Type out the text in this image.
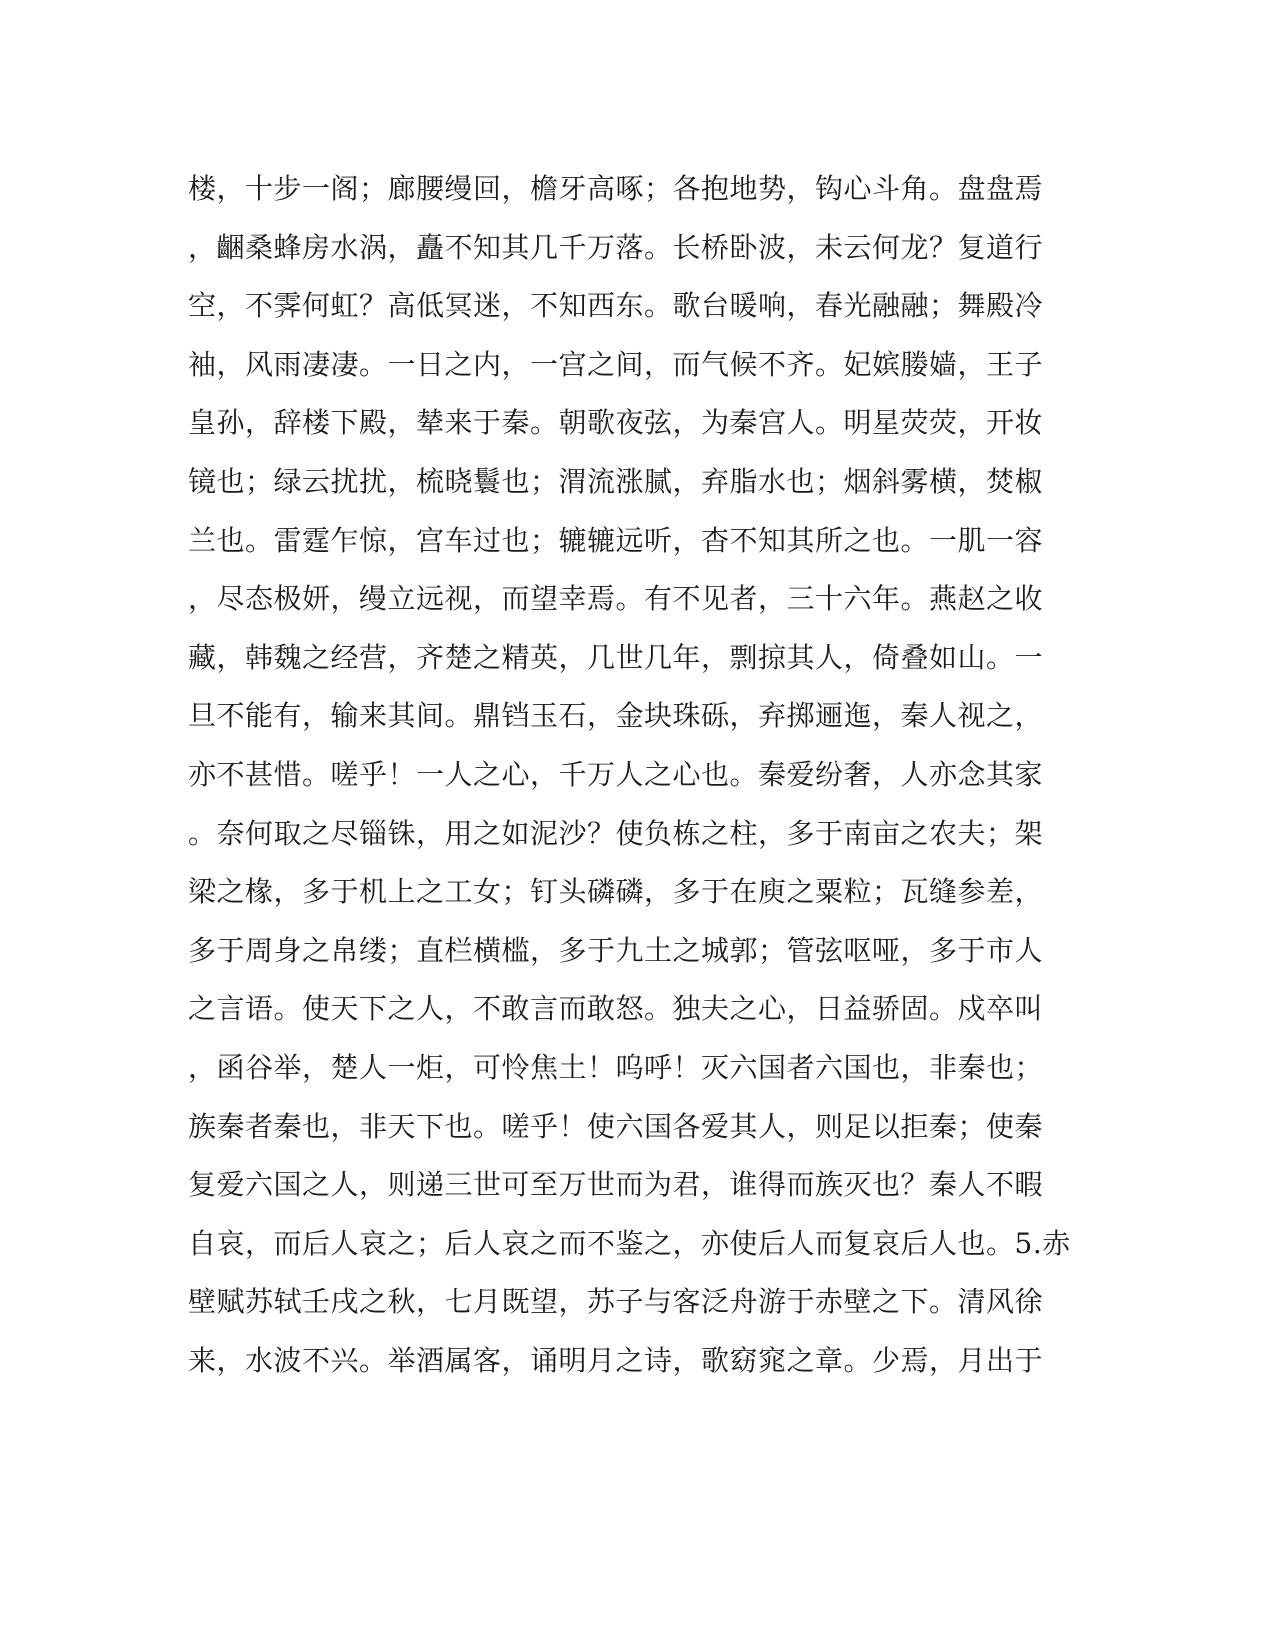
楼，十步一阁；廊腰缦回，檐牙高啄；各抱地势，钩心斗角。盘盘焉
，齫桑蜂房水涡，矗不知其几千万落。长桥卧波，未云何龙？复道行
空，不霁何虹？高低冥迷，不知西东。歌台暖响，春光融融；舞殿冷
袖，风雨凄凄。一日之内，一宫之间，而气候不齐。妃嫔媵嫱，王子
皇孙，辞楼下殿，辇来于秦。朝歌夜弦，为秦宫人。明星荧荧，开妆
镜也；绿云扰扰，梳晓鬟也；渭流涨腻，弃脂水也；烟斜雾横，焚椒
兰也。雷霆乍惊，宫车过也；辘辘远听，杳不知其所之也。一肌一容
，尽态极妍，缦立远视，而望幸焉。有不见者，三十六年。燕赵之收
藏，韩魏之经营，齐楚之精英，几世几年，剽掠其人，倚叠如山。一
旦不能有，输来其间。鼎铛玉石，金块珠砾，弃掷逦迤，秦人视之，
亦不甚惜。嗟乎！一人之心，千万人之心也。秦爱纷奢，人亦念其家
。奈何取之尽锱铢，用之如泥沙？使负栋之柱，多于南亩之农夫；架
梁之椽，多于机上之工女；钉头磷磷，多于在庾之粟粒；瓦缝参差，
多于周身之帛缕；直栏横槛，多于九土之城郭；管弦呕哑，多于市人
之言语。使天下之人，不敢言而敢怒。独夫之心，日益骄固。戍卒叫
，函谷举，楚人一炬，可怜焦土！呜呼！灭六国者六国也，非秦也；
族秦者秦也，非天下也。嗟乎！使六国各爱其人，则足以拒秦；使秦
复爱六国之人，则递三世可至万世而为君，谁得而族灭也？秦人不暇
自哀，而后人哀之；后人哀之而不鉴之，亦使后人而复哀后人也。5.赤
壁赋苏轼壬戌之秋，七月既望，苏子与客泛舟游于赤壁之下。清风徐
来，水波不兴。举酒属客，诵明月之诗，歌窈窕之章。少焉，月出于
